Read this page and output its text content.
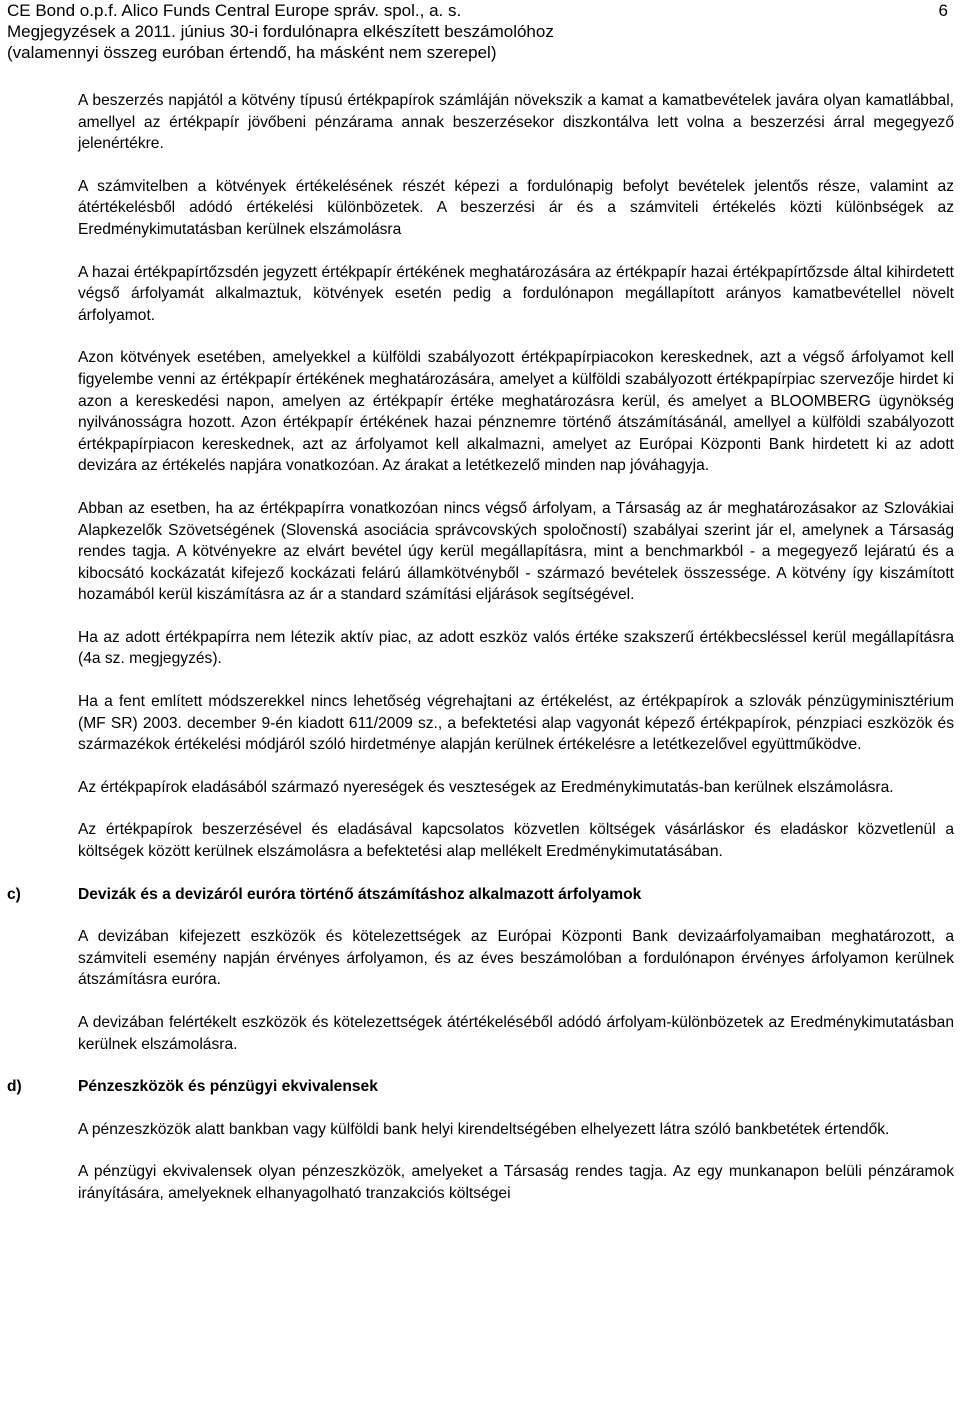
CE Bond o.p.f. Alico Funds Central Europe správ. spol., a. s.
Megjegyzések a 2011. június 30-i fordulónapra elkészített beszámolóhoz
(valamennyi összeg euróban értendő, ha másként nem szerepel)
6

A beszerzés napjától a kötvény típusú értékpapírok számláján növekszik a kamat a kamatbevételek javára olyan kamatlábbal, amellyel az értékpapír jövőbeni pénzárama annak beszerzésekor diszkontálva lett volna a beszerzési árral megegyező jelenértékre.

A számvitelben a kötvények értékelésének részét képezi a fordulónapig befolyt bevételek jelentős része, valamint az átértékelésből adódó értékelési különbözetek. A beszerzési ár és a számviteli értékelés közti különbségek az Eredménykimutatásban kerülnek elszámolásra

A hazai értékpapírtőzsdén jegyzett értékpapír értékének meghatározására az értékpapír hazai értékpapírtőzsde által kihirdetett végső árfolyamát alkalmaztuk, kötvények esetén pedig a fordulónapon megállapított arányos kamatbevétellel növelt árfolyamot.

Azon kötvények esetében, amelyekkel a külföldi szabályozott értékpapírpiacokon kereskednek, azt a végső árfolyamot kell figyelembe venni az értékpapír értékének meghatározására, amelyet a külföldi szabályozott értékpapírpiac szervezője hirdet ki azon a kereskedési napon, amelyen az értékpapír értéke meghatározásra kerül, és amelyet a BLOOMBERG ügynökség nyilvánosságra hozott. Azon értékpapír értékének hazai pénznemre történő átszámításánál, amellyel a külföldi szabályozott értékpapírpiacon kereskednek, azt az árfolyamot kell alkalmazni, amelyet az Európai Központi Bank hirdetett ki az adott devizára az értékelés napjára vonatkozóan. Az árakat a letétkezelő minden nap jóváhagyja.

Abban az esetben, ha az értékpapírra vonatkozóan nincs végső árfolyam, a Társaság az ár meghatározásakor az Szlovákiai Alapkezelők Szövetségének (Slovenská asociácia správcovských spoločností) szabályai szerint jár el, amelynek a Társaság rendes tagja. A kötvényekre az elvárt bevétel úgy kerül megállapításra, mint a benchmarkból - a megegyező lejáratú és a kibocsátó kockázatát kifejező kockázati felárú államkötvényből - származó bevételek összessége. A kötvény így kiszámított hozamából kerül kiszámításra az ár a standard számítási eljárások segítségével.

Ha az adott értékpapírra nem létezik aktív piac, az adott eszköz valós értéke szakszerű értékbecsléssel kerül megállapításra (4a sz. megjegyzés).

Ha a fent említett módszerekkel nincs lehetőség végrehajtani az értékelést, az értékpapírok a szlovák pénzügyminisztérium (MF SR) 2003. december 9-én kiadott 611/2009 sz., a befektetési alap vagyonát képező értékpapírok, pénzpiaci eszközök és származékok értékelési módjáról szóló hirdetménye alapján kerülnek értékelésre a letétkezelővel együttműködve.

Az értékpapírok eladásából származó nyereségek és veszteségek az Eredménykimutatás-ban kerülnek elszámolásra.

Az értékpapírok beszerzésével és eladásával kapcsolatos közvetlen költségek vásárláskor és eladáskor közvetlenül a költségek között kerülnek elszámolásra a befektetési alap mellékelt Eredménykimutatásában.

c)	Devizák és a devizáról euróra történő átszámításhoz alkalmazott árfolyamok

A devizában kifejezett eszközök és kötelezettségek az Európai Központi Bank devizaárfolyamaiban meghatározott, a számviteli esemény napján érvényes árfolyamon, és az éves beszámolóban a fordulónapon érvényes árfolyamon kerülnek átszámításra euróra.

A devizában felértékelt eszközök és kötelezettségek átértékeléséből adódó árfolyam-különbözetek az Eredménykimutatásban kerülnek elszámolásra.

d)	Pénzeszközök és pénzügyi ekvivalensek

A pénzeszközök alatt bankban vagy külföldi bank helyi kirendeltségében elhelyezett látra szóló bankbetétek értendők.

A pénzügyi ekvivalensek olyan pénzeszközök, amelyeket a Társaság rendes tagja. Az egy munkanapon belüli pénzáramok irányítására, amelyeknek elhanyagolható tranzakciós költségei
